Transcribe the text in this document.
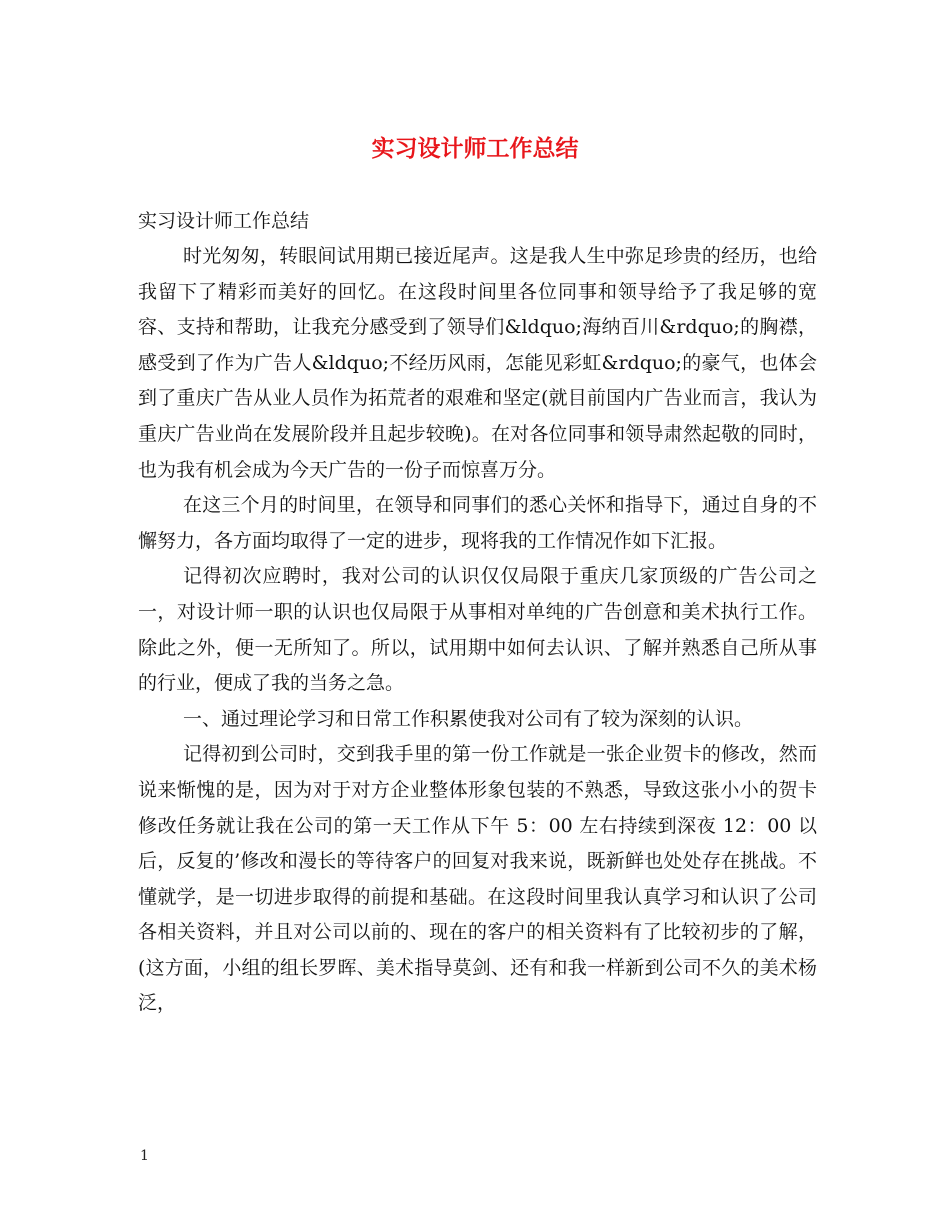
实习设计师工作总结

实习设计师工作总结

时光匆匆，转眼间试用期已接近尾声。这是我人生中弥足珍贵的经历，也给我留下了精彩而美好的回忆。在这段时间里各位同事和领导给予了我足够的宽容、支持和帮助，让我充分感受到了领导们&ldquo;海纳百川&rdquo;的胸襟，感受到了作为广告人&ldquo;不经历风雨，怎能见彩虹&rdquo;的豪气，也体会到了重庆广告从业人员作为拓荒者的艰难和坚定(就目前国内广告业而言，我认为重庆广告业尚在发展阶段并且起步较晚)。在对各位同事和领导肃然起敬的同时，也为我有机会成为今天广告的一份子而惊喜万分。

在这三个月的时间里，在领导和同事们的悉心关怀和指导下，通过自身的不懈努力，各方面均取得了一定的进步，现将我的工作情况作如下汇报。

记得初次应聘时，我对公司的认识仅仅局限于重庆几家顶级的广告公司之一，对设计师一职的认识也仅局限于从事相对单纯的广告创意和美术执行工作。除此之外，便一无所知了。所以，试用期中如何去认识、了解并熟悉自己所从事的行业，便成了我的当务之急。

一、通过理论学习和日常工作积累使我对公司有了较为深刻的认识。

记得初到公司时，交到我手里的第一份工作就是一张企业贺卡的修改，然而说来惭愧的是，因为对于对方企业整体形象包装的不熟悉，导致这张小小的贺卡修改任务就让我在公司的第一天工作从下午 5：00 左右持续到深夜 12：00 以后，反复的’修改和漫长的等待客户的回复对我来说，既新鲜也处处存在挑战。不懂就学，是一切进步取得的前提和基础。在这段时间里我认真学习和认识了公司各相关资料，并且对公司以前的、现在的客户的相关资料有了比较初步的了解，(这方面，小组的组长罗晖、美术指导莫剑、还有和我一样新到公司不久的美术杨泛，

1
